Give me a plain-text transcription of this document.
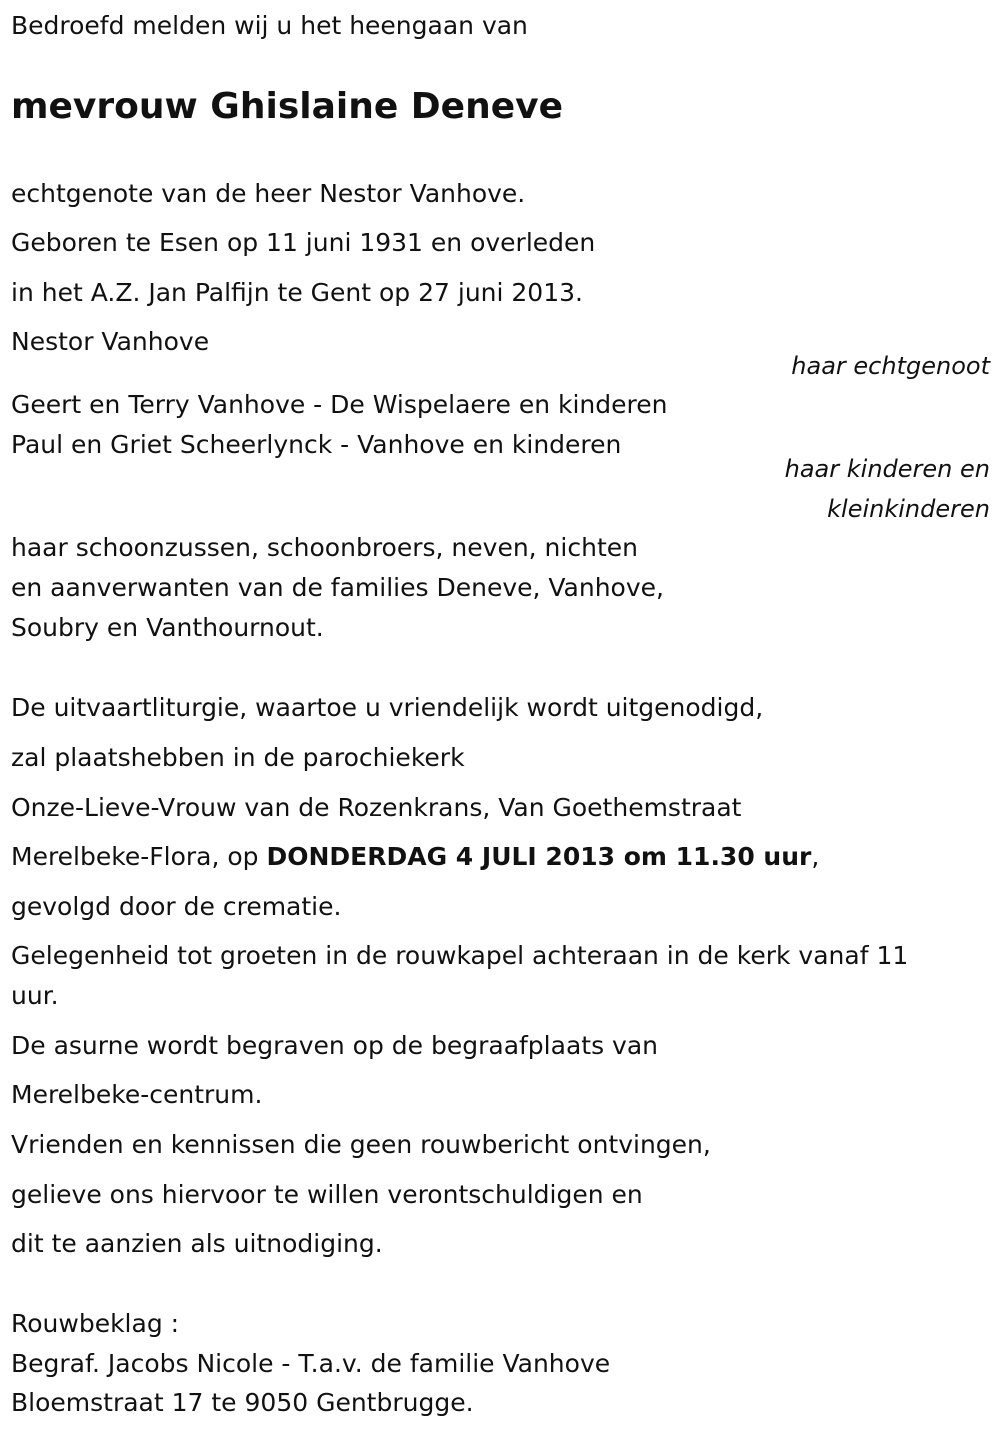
Bedroefd melden wij u het heengaan van
mevrouw Ghislaine Deneve
echtgenote van de heer Nestor Vanhove.
Geboren te Esen op 11 juni 1931 en overleden
in het A.Z. Jan Palfijn te Gent op 27 juni 2013.
Nestor Vanhove
haar echtgenoot
Geert en Terry Vanhove - De Wispelaere en kinderen
Paul en Griet Scheerlynck - Vanhove en kinderen
haar kinderen en
kleinkinderen
haar schoonzussen, schoonbroers, neven, nichten
en aanverwanten van de families Deneve, Vanhove,
Soubry en Vanthournout.
De uitvaartliturgie, waartoe u vriendelijk wordt uitgenodigd,
zal plaatshebben in de parochiekerk
Onze-Lieve-Vrouw van de Rozenkrans, Van Goethemstraat
Merelbeke-Flora, op DONDERDAG 4 JULI 2013 om 11.30 uur,
gevolgd door de crematie.
Gelegenheid tot groeten in de rouwkapel achteraan in de kerk vanaf 11
uur.
De asurne wordt begraven op de begraafplaats van
Merelbeke-centrum.
Vrienden en kennissen die geen rouwbericht ontvingen,
gelieve ons hiervoor te willen verontschuldigen en
dit te aanzien als uitnodiging.
Rouwbeklag :
Begraf. Jacobs Nicole - T.a.v. de familie Vanhove
Bloemstraat 17 te 9050 Gentbrugge.
